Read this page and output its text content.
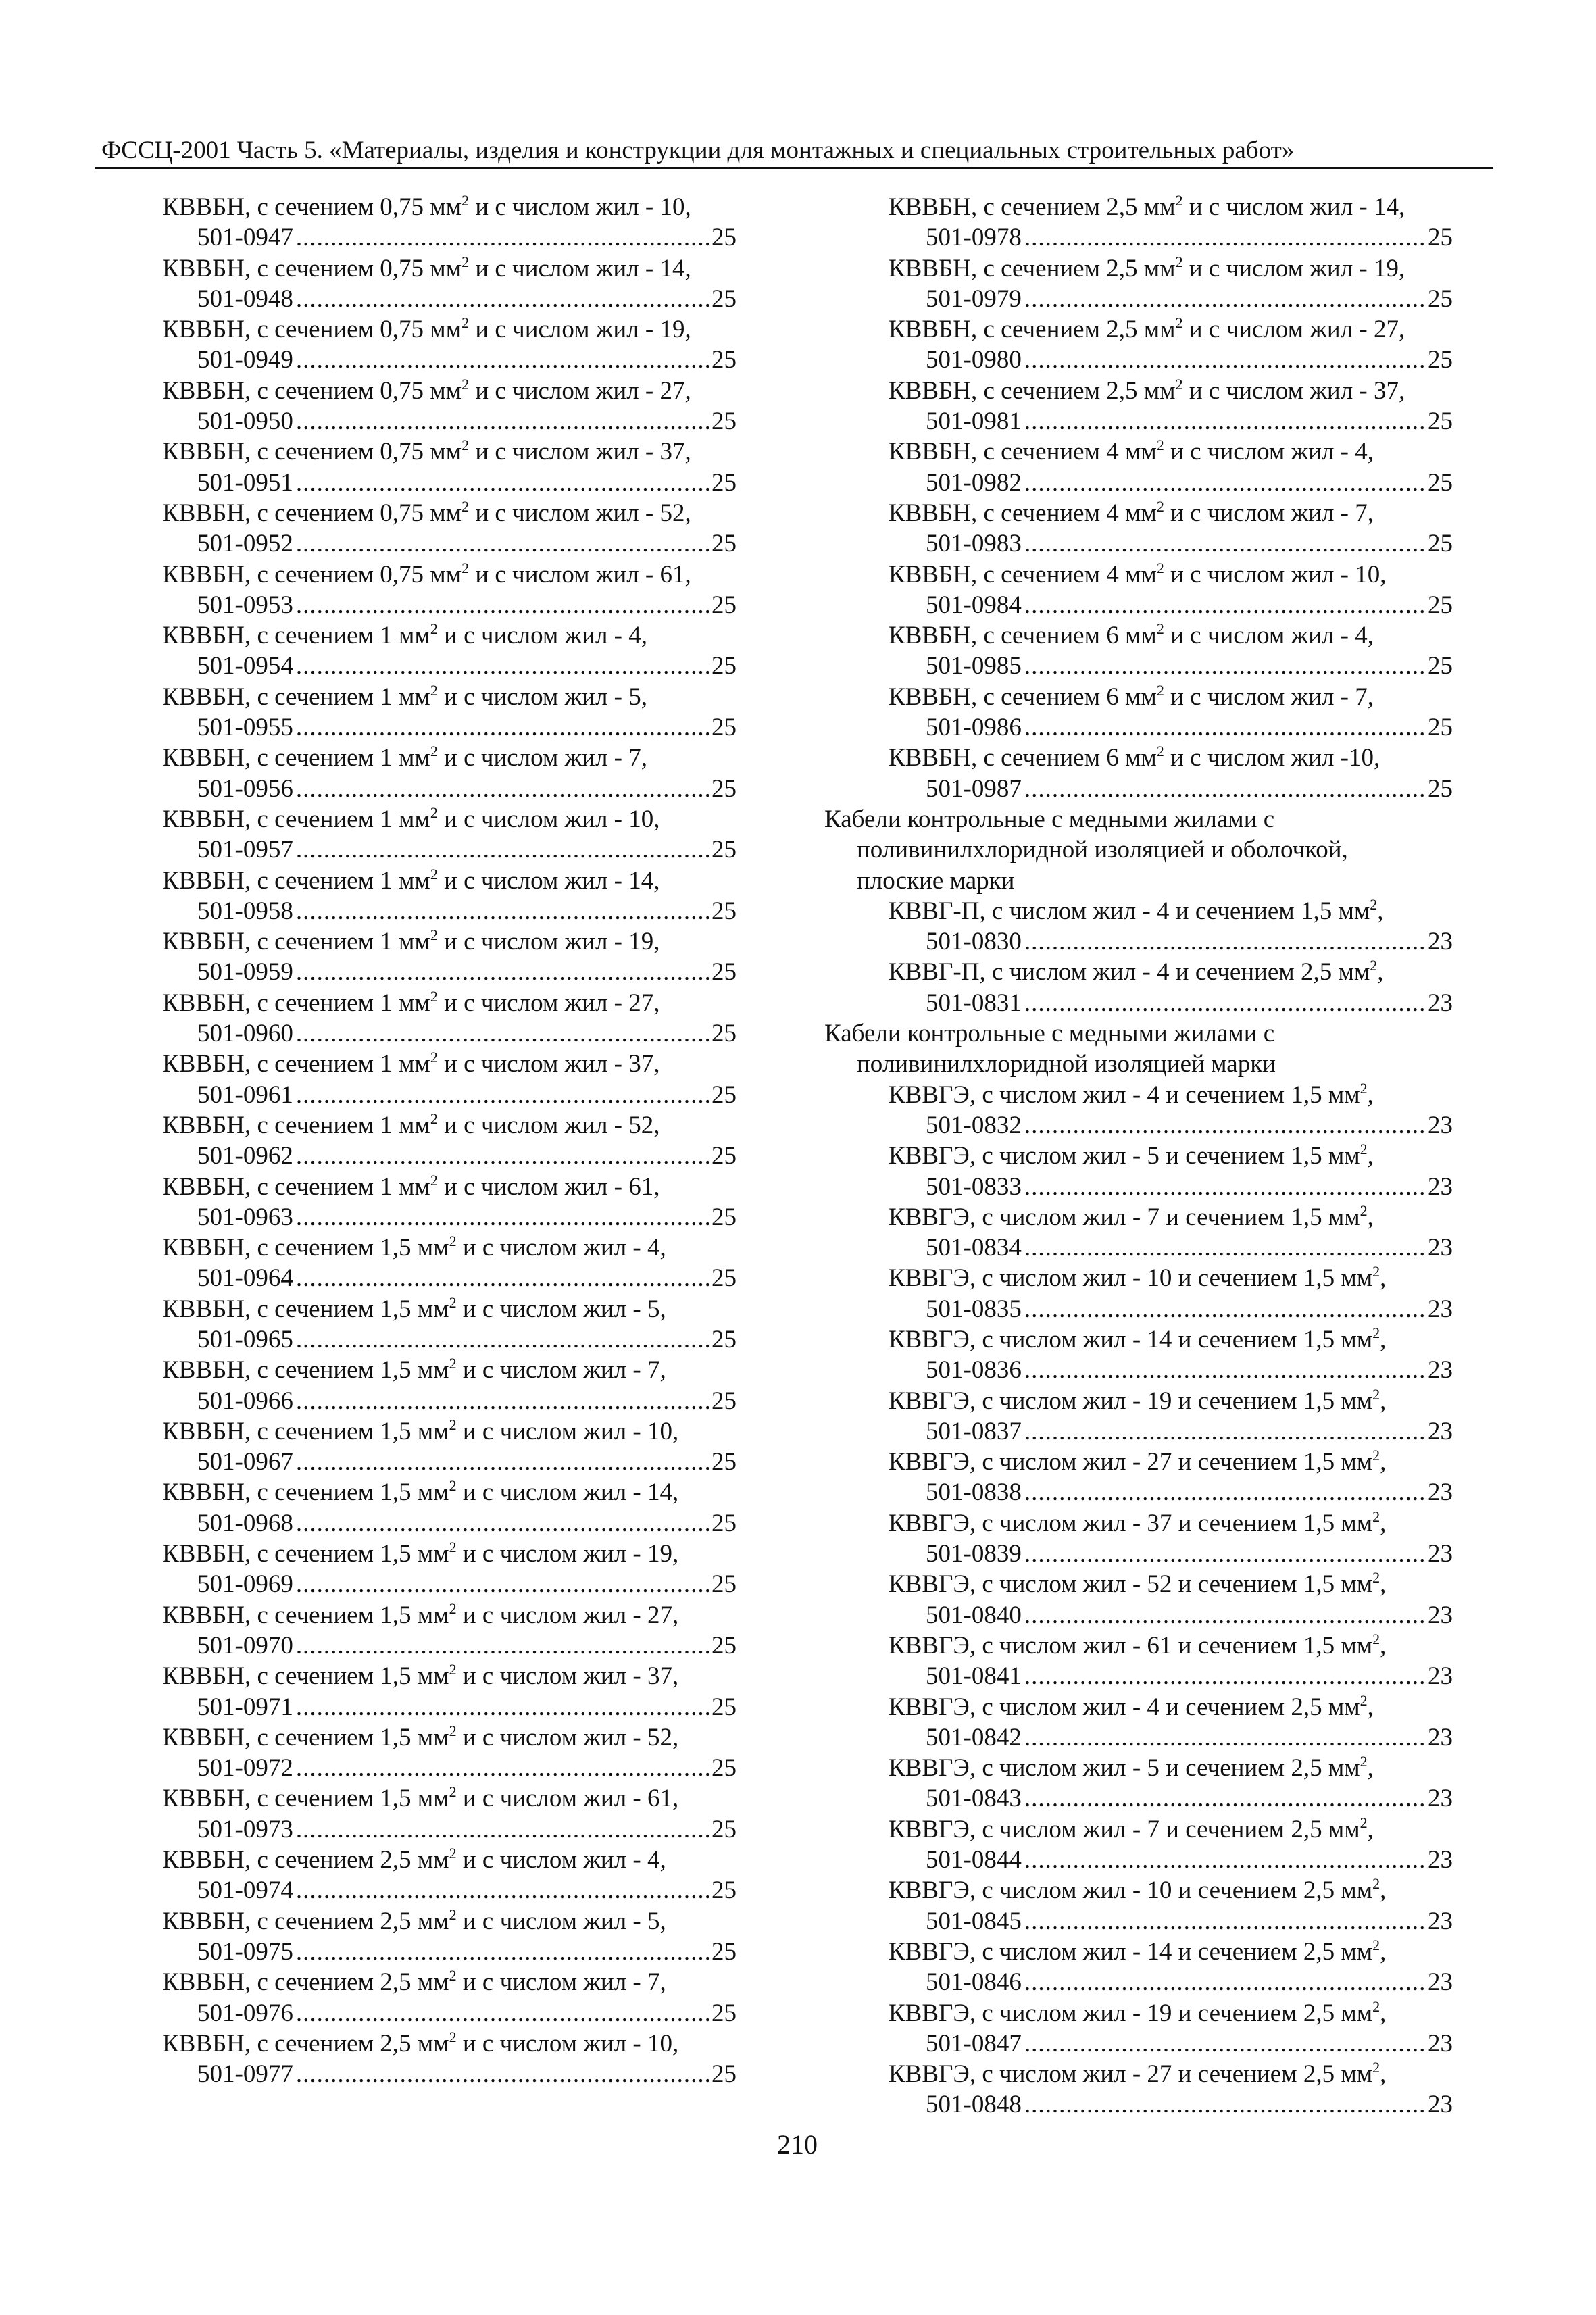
ФССЦ-2001 Часть 5. «Материалы, изделия и конструкции для монтажных и специальных строительных работ»
КВВБН, с сечением 0,75 $мм^2$ и с числом жил - 10,
501-0947 .....	25
КВВБН, с сечением 0,75 $мм^2$ и с числом жил - 14,
501-0948 .....	25
КВВБН, с сечением 0,75 $мм^2$ и с числом жил - 19,
501-0949 .....	25
КВВБН, с сечением 0,75 $мм^2$ и с числом жил - 27,
501-0950 .....	25
КВВБН, с сечением 0,75 $мм^2$ и с числом жил - 37,
501-0951 .....	25
КВВБН, с сечением 0,75 $мм^2$ и с числом жил - 52,
501-0952 .....	25
КВВБН, с сечением 0,75 $мм^2$ и с числом жил - 61,
501-0953 .....	25
КВВБН, с сечением 1 $мм^2$ и с числом жил - 4,
501-0954 .....	25
КВВБН, с сечением 1 $мм^2$ и с числом жил - 5,
501-0955 .....	25
КВВБН, с сечением 1 $мм^2$ и с числом жил - 7,
501-0956 .....	25
КВВБН, с сечением 1 $мм^2$ и с числом жил - 10,
501-0957 .....	25
КВВБН, с сечением 1 $мм^2$ и с числом жил - 14,
501-0958 .....	25
КВВБН, с сечением 1 $мм^2$ и с числом жил - 19,
501-0959 .....	25
КВВБН, с сечением 1 $мм^2$ и с числом жил - 27,
501-0960 .....	25
КВВБН, с сечением 1 $мм^2$ и с числом жил - 37,
501-0961 .....	25
КВВБН, с сечением 1 $мм^2$ и с числом жил - 52,
501-0962 .....	25
КВВБН, с сечением 1 $мм^2$ и с числом жил - 61,
501-0963 .....	25
КВВБН, с сечением 1,5 $мм^2$ и с числом жил - 4,
501-0964 .....	25
КВВБН, с сечением 1,5 $мм^2$ и с числом жил - 5,
501-0965 .....	25
КВВБН, с сечением 1,5 $мм^2$ и с числом жил - 7,
501-0966 .....	25
КВВБН, с сечением 1,5 $мм^2$ и с числом жил - 10,
501-0967 .....	25
КВВБН, с сечением 1,5 $мм^2$ и с числом жил - 14,
501-0968 .....	25
КВВБН, с сечением 1,5 $мм^2$ и с числом жил - 19,
501-0969 .....	25
КВВБН, с сечением 1,5 $мм^2$ и с числом жил - 27,
501-0970 .....	25
КВВБН, с сечением 1,5 $мм^2$ и с числом жил - 37,
501-0971 .....	25
КВВБН, с сечением 1,5 $мм^2$ и с числом жил - 52,
501-0972 .....	25
КВВБН, с сечением 1,5 $мм^2$ и с числом жил - 61,
501-0973 .....	25
КВВБН, с сечением 2,5 $мм^2$ и с числом жил - 4,
501-0974 .....	25
КВВБН, с сечением 2,5 $мм^2$ и с числом жил - 5,
501-0975 .....	25
КВВБН, с сечением 2,5 $мм^2$ и с числом жил - 7,
501-0976 .....	25
КВВБН, с сечением 2,5 $мм^2$ и с числом жил - 10,
501-0977 .....	25
КВВБН, с сечением 2,5 $мм^2$ и с числом жил - 14,
501-0978 .....	25
КВВБН, с сечением 2,5 $мм^2$ и с числом жил - 19,
501-0979 .....	25
КВВБН, с сечением 2,5 $мм^2$ и с числом жил - 27,
501-0980 .....	25
КВВБН, с сечением 2,5 $мм^2$ и с числом жил - 37,
501-0981 .....	25
КВВБН, с сечением 4 $мм^2$ и с числом жил - 4,
501-0982 .....	25
КВВБН, с сечением 4 $мм^2$ и с числом жил - 7,
501-0983 .....	25
КВВБН, с сечением 4 $мм^2$ и с числом жил - 10,
501-0984 .....	25
КВВБН, с сечением 6 $мм^2$ и с числом жил - 4,
501-0985 .....	25
КВВБН, с сечением 6 $мм^2$ и с числом жил - 7,
501-0986 .....	25
КВВБН, с сечением 6 $мм^2$ и с числом жил -10,
501-0987 .....	25
Кабели контрольные с медными жилами с
поливинилхлоридной изоляцией и оболочкой,
плоские марки
КВВГ-П, с числом жил - 4 и сечением 1,5 $мм^2$,
501-0830 .....	23
КВВГ-П, с числом жил - 4 и сечением 2,5 $мм^2$,
501-0831 .....	23
Кабели контрольные с медными жилами с
поливинилхлоридной изоляцией марки
КВВГЭ, с числом жил - 4 и сечением 1,5 $мм^2$,
501-0832 .....	23
КВВГЭ, с числом жил - 5 и сечением 1,5 $мм^2$,
501-0833 .....	23
КВВГЭ, с числом жил - 7 и сечением 1,5 $мм^2$,
501-0834 .....	23
КВВГЭ, с числом жил - 10 и сечением 1,5 $мм^2$,
501-0835 .....	23
КВВГЭ, с числом жил - 14 и сечением 1,5 $мм^2$,
501-0836 .....	23
КВВГЭ, с числом жил - 19 и сечением 1,5 $мм^2$,
501-0837 .....	23
КВВГЭ, с числом жил - 27 и сечением 1,5 $мм^2$,
501-0838 .....	23
КВВГЭ, с числом жил - 37 и сечением 1,5 $мм^2$,
501-0839 .....	23
КВВГЭ, с числом жил - 52 и сечением 1,5 $мм^2$,
501-0840 .....	23
КВВГЭ, с числом жил - 61 и сечением 1,5 $мм^2$,
501-0841 .....	23
КВВГЭ, с числом жил - 4 и сечением 2,5 $мм^2$,
501-0842 .....	23
КВВГЭ, с числом жил - 5 и сечением 2,5 $мм^2$,
501-0843 .....	23
КВВГЭ, с числом жил - 7 и сечением 2,5 $мм^2$,
501-0844 .....	23
КВВГЭ, с числом жил - 10 и сечением 2,5 $мм^2$,
501-0845 .....	23
КВВГЭ, с числом жил - 14 и сечением 2,5 $мм^2$,
501-0846 .....	23
КВВГЭ, с числом жил - 19 и сечением 2,5 $мм^2$,
501-0847 .....	23
КВВГЭ, с числом жил - 27 и сечением 2,5 $мм^2$,
501-0848 .....	23
210
